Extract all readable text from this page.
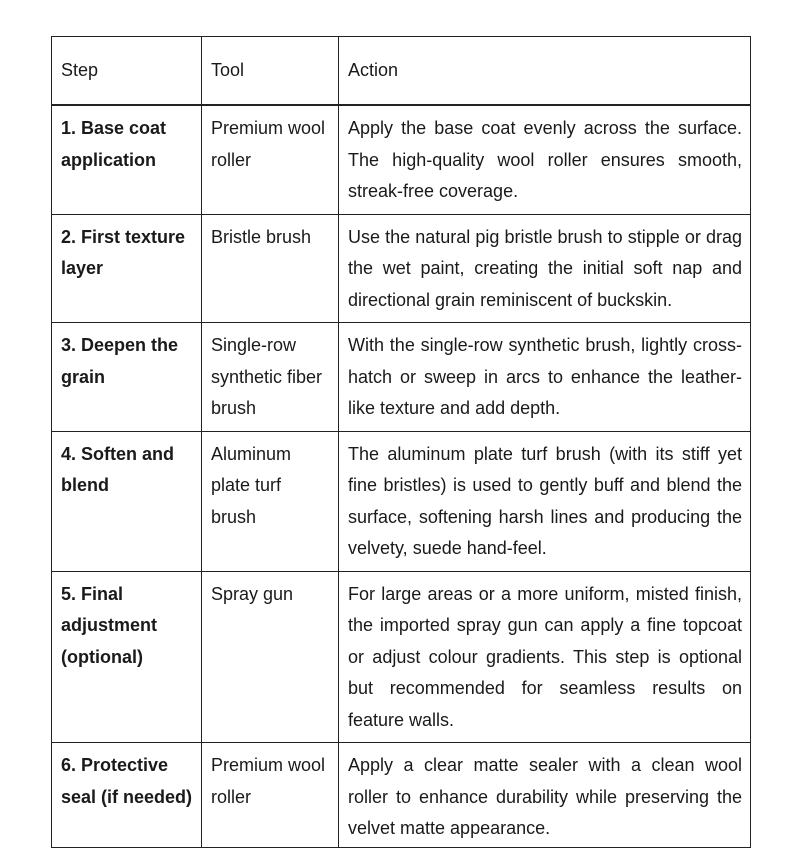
Step	Tool	Action
1. Base coat application	Premium wool roller	Apply the base coat evenly across the surface. The high-quality wool roller ensures smooth, streak-free coverage.
2. First texture layer	Bristle brush	Use the natural pig bristle brush to stipple or drag the wet paint, creating the initial soft nap and directional grain reminiscent of buckskin.
3. Deepen the grain	Single-row synthetic fiber brush	With the single-row synthetic brush, lightly cross-hatch or sweep in arcs to enhance the leather-like texture and add depth.
4. Soften and blend	Aluminum plate turf brush	The aluminum plate turf brush (with its stiff yet fine bristles) is used to gently buff and blend the surface, softening harsh lines and producing the velvety, suede hand-feel.
5. Final adjustment (optional)	Spray gun	For large areas or a more uniform, misted finish, the imported spray gun can apply a fine topcoat or adjust colour gradients. This step is optional but recommended for seamless results on feature walls.
6. Protective seal (if needed)	Premium wool roller	Apply a clear matte sealer with a clean wool roller to enhance durability while preserving the velvet matte appearance.
